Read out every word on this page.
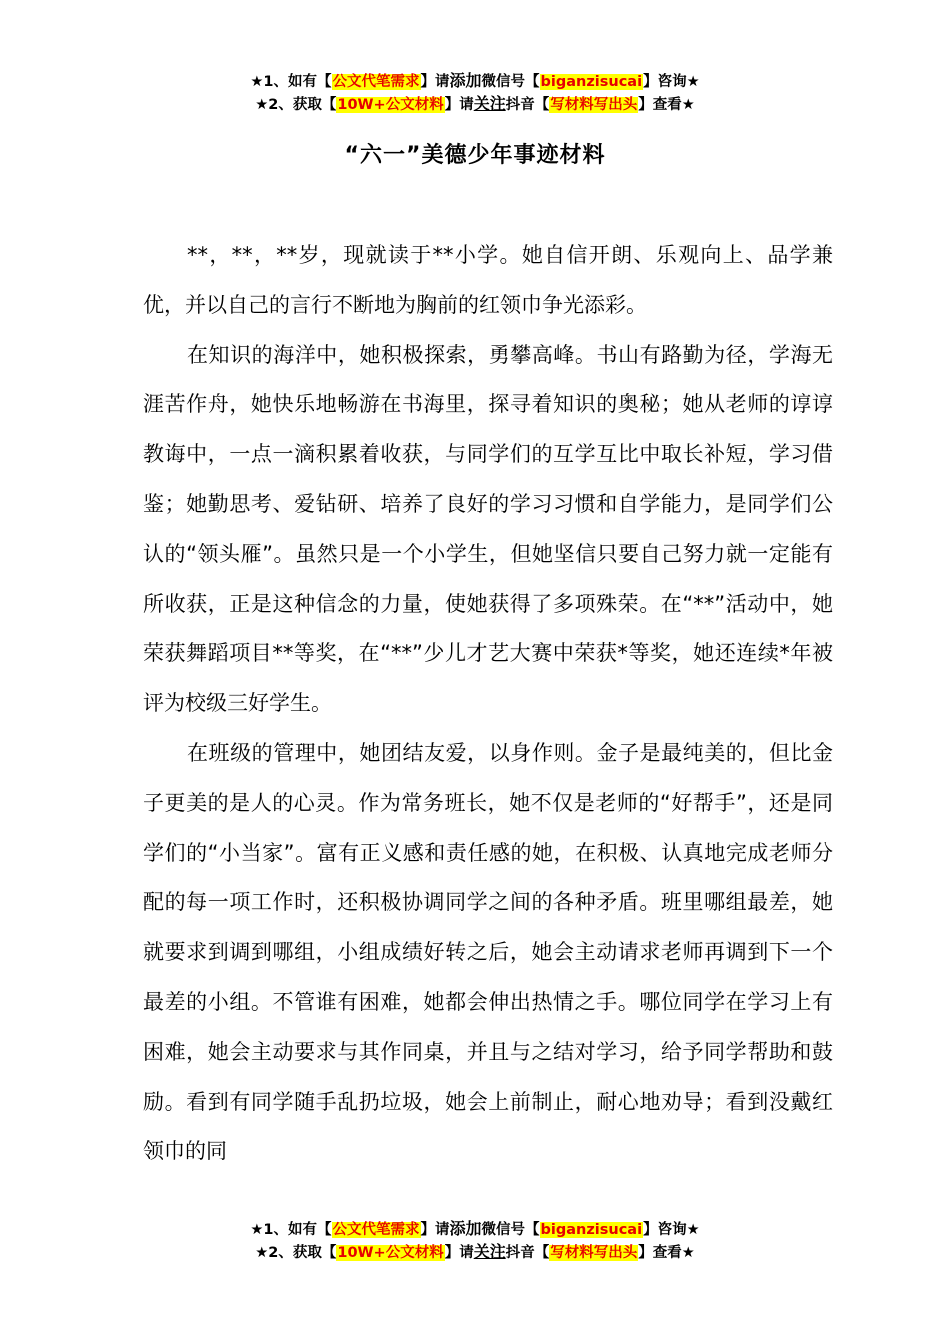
★1、如有【公文代笔需求】请添加微信号【biganzisucai】咨询★
★2、获取【10W+公文材料】请关注抖音【写材料写出头】查看★
“六一”美德少年事迹材料

**，**，**岁，现就读于**小学。她自信开朗、乐观向上、品学兼优，并以自己的言行不断地为胸前的红领巾争光添彩。

在知识的海洋中，她积极探索，勇攀高峰。书山有路勤为径，学海无涯苦作舟，她快乐地畅游在书海里，探寻着知识的奥秘；她从老师的谆谆教诲中，一点一滴积累着收获，与同学们的互学互比中取长补短，学习借鉴；她勤思考、爱钻研、培养了良好的学习习惯和自学能力，是同学们公认的“领头雁”。虽然只是一个小学生，但她坚信只要自己努力就一定能有所收获，正是这种信念的力量，使她获得了多项殊荣。在“**”活动中，她荣获舞蹈项目**等奖，在“**”少儿才艺大赛中荣获*等奖，她还连续*年被评为校级三好学生。

在班级的管理中，她团结友爱，以身作则。金子是最纯美的，但比金子更美的是人的心灵。作为常务班长，她不仅是老师的“好帮手”，还是同学们的“小当家”。富有正义感和责任感的她，在积极、认真地完成老师分配的每一项工作时，还积极协调同学之间的各种矛盾。班里哪组最差，她就要求到调到哪组，小组成绩好转之后，她会主动请求老师再调到下一个最差的小组。不管谁有困难，她都会伸出热情之手。哪位同学在学习上有困难，她会主动要求与其作同桌，并且与之结对学习，给予同学帮助和鼓励。看到有同学随手乱扔垃圾，她会上前制止，耐心地劝导；看到没戴红领巾的同

★1、如有【公文代笔需求】请添加微信号【biganzisucai】咨询★
★2、获取【10W+公文材料】请关注抖音【写材料写出头】查看★
